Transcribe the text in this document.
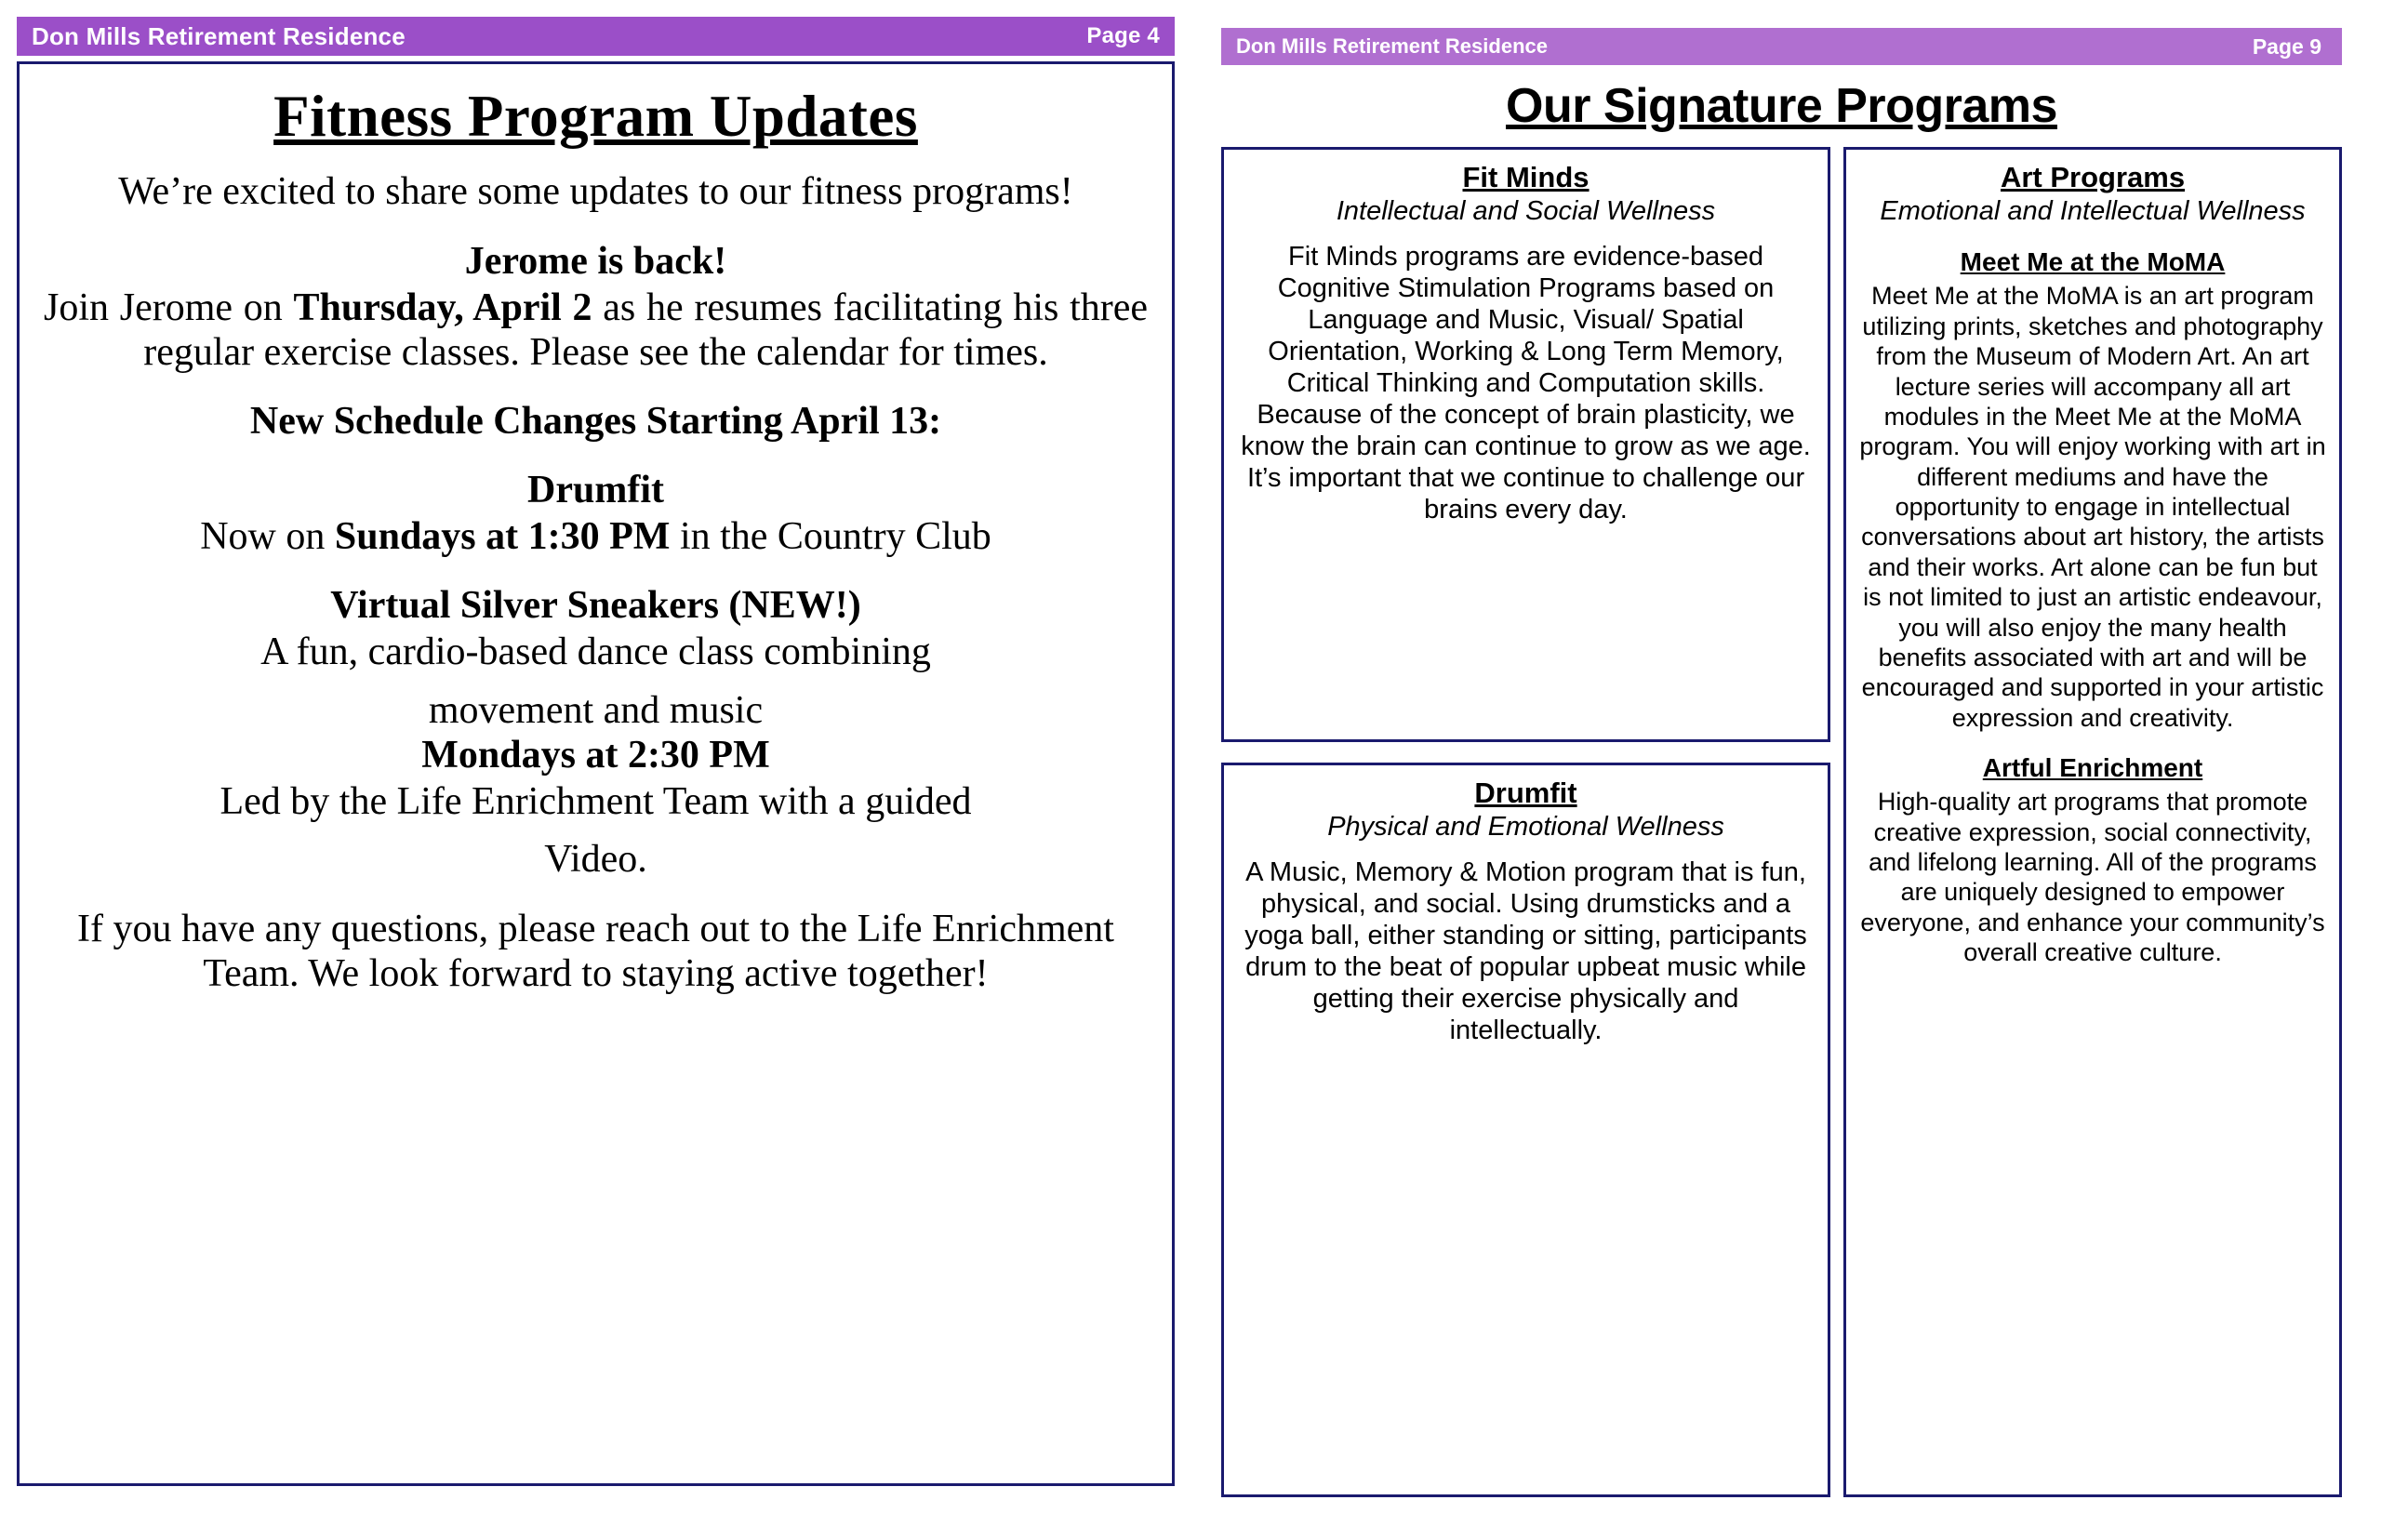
Don Mills Retirement Residence	Page 4
Fitness Program Updates
We’re excited to share some updates to our fitness programs!
Jerome is back!
Join Jerome on Thursday, April 2 as he resumes facilitating his three regular exercise classes. Please see the calendar for times.
New Schedule Changes Starting April 13:
Drumfit
Now on Sundays at 1:30 PM in the Country Club
Virtual Silver Sneakers (NEW!)
A fun, cardio-based dance class combining
movement and music
Mondays at 2:30 PM
Led by the Life Enrichment Team with a guided
Video.
If you have any questions, please reach out to the Life Enrichment Team. We look forward to staying active together!
Don Mills Retirement Residence	Page 9
Our Signature Programs
Fit Minds
Intellectual and Social Wellness
Fit Minds programs are evidence-based Cognitive Stimulation Programs based on Language and Music, Visual/ Spatial Orientation, Working & Long Term Memory, Critical Thinking and Computation skills. Because of the concept of brain plasticity, we know the brain can continue to grow as we age. It’s important that we continue to challenge our brains every day.
Drumfit
Physical and Emotional Wellness
A Music, Memory & Motion program that is fun, physical, and social. Using drumsticks and a yoga ball, either standing or sitting, participants drum to the beat of popular upbeat music while getting their exercise physically and intellectually.
Art Programs
Emotional and Intellectual Wellness
Meet Me at the MoMA
Meet Me at the MoMA is an art program utilizing prints, sketches and photography from the Museum of Modern Art. An art lecture series will accompany all art modules in the Meet Me at the MoMA program. You will enjoy working with art in different mediums and have the opportunity to engage in intellectual conversations about art history, the artists and their works. Art alone can be fun but is not limited to just an artistic endeavour, you will also enjoy the many health benefits associated with art and will be encouraged and supported in your artistic expression and creativity.
Artful Enrichment
High-quality art programs that promote creative expression, social connectivity, and lifelong learning. All of the programs are uniquely designed to empower everyone, and enhance your community’s overall creative culture.
